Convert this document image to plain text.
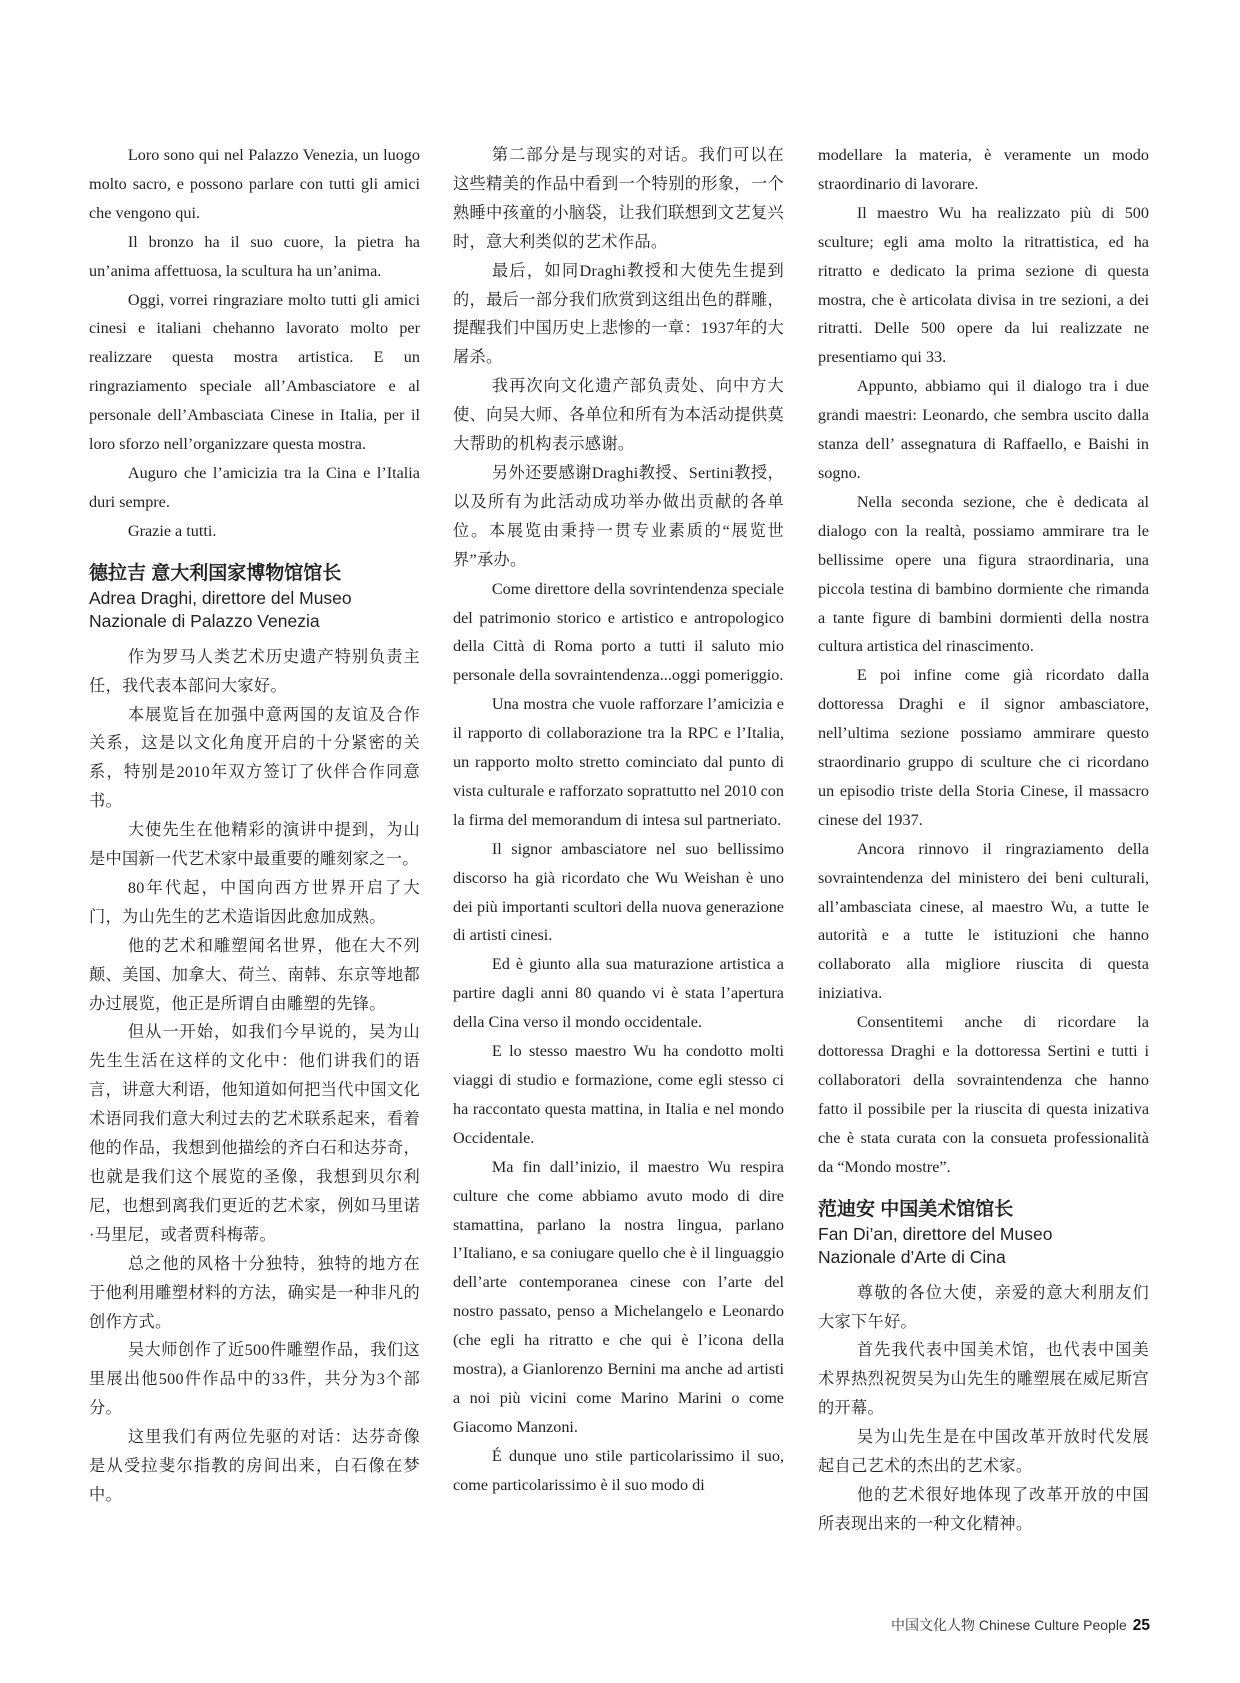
Loro sono qui nel Palazzo Venezia, un luogo molto sacro, e possono parlare con tutti gli amici che vengono qui.

Il bronzo ha il suo cuore, la pietra ha un’anima affettuosa, la scultura ha un’anima.

Oggi, vorrei ringraziare molto tutti gli amici cinesi e italiani chehanno lavorato molto per realizzare questa mostra artistica. E un ringraziamento speciale all’Ambasciatore e al personale dell’Ambasciata Cinese in Italia, per il loro sforzo nell’organizzare questa mostra.

Auguro che l’amicizia tra la Cina e l’Italia duri sempre.

Grazie a tutti.

德拉吉 意大利国家博物馆馆长
Adrea Draghi, direttore del Museo
Nazionale di Palazzo Venezia

作为罗马人类艺术历史遗产特别负责主任，我代表本部问大家好。

本展览旨在加强中意两国的友谊及合作关系，这是以文化角度开启的十分紧密的关系，特别是2010年双方签订了伙伴合作同意书。

大使先生在他精彩的演讲中提到，为山是中国新一代艺术家中最重要的雕刻家之一。

80年代起，中国向西方世界开启了大门，为山先生的艺术造诣因此愈加成熟。

他的艺术和雕塑闻名世界，他在大不列颠、美国、加拿大、荷兰、南韩、东京等地都办过展览，他正是所谓自由雕塑的先锋。

但从一开始，如我们今早说的，吴为山先生生活在这样的文化中：他们讲我们的语言，讲意大利语，他知道如何把当代中国文化术语同我们意大利过去的艺术联系起来，看着他的作品，我想到他描绘的齐白石和达芬奇，也就是我们这个展览的圣像，我想到贝尔利尼，也想到离我们更近的艺术家，例如马里诺·马里尼，或者贾科梅蒂。

总之他的风格十分独特，独特的地方在于他利用雕塑材料的方法，确实是一种非凡的创作方式。

吴大师创作了近500件雕塑作品，我们这里展出他500件作品中的33件，共分为3个部分。

这里我们有两位先驱的对话：达芬奇像是从受拉斐尔指教的房间出来，白石像在梦中。

第二部分是与现实的对话。我们可以在这些精美的作品中看到一个特别的形象，一个熟睡中孩童的小脑袋，让我们联想到文艺复兴时，意大利类似的艺术作品。

最后，如同Draghi教授和大使先生提到的，最后一部分我们欣赏到这组出色的群雕，提醒我们中国历史上悲惨的一章：1937年的大屠杀。

我再次向文化遗产部负责处、向中方大使、向吴大师、各单位和所有为本活动提供莫大帮助的机构表示感谢。

另外还要感谢Draghi教授、Sertini教授，以及所有为此活动成功举办做出贡献的各单位。本展览由秉持一贯专业素质的“展览世界”承办。

Come direttore della sovrintendenza speciale del patrimonio storico e artistico e antropologico della Città di Roma porto a tutti il saluto mio personale della sovraintendenza...oggi pomeriggio.

Una mostra che vuole rafforzare l’amicizia e il rapporto di collaborazione tra la RPC e l’Italia, un rapporto molto stretto cominciato dal punto di vista culturale e rafforzato soprattutto nel 2010 con la firma del memorandum di intesa sul partneriato.

Il signor ambasciatore nel suo bellissimo discorso ha già ricordato che Wu Weishan è uno dei più importanti scultori della nuova generazione di artisti cinesi.

Ed è giunto alla sua maturazione artistica a partire dagli anni 80 quando vi è stata l’apertura della Cina verso il mondo occidentale.

E lo stesso maestro Wu ha condotto molti viaggi di studio e formazione, come egli stesso ci ha raccontato questa mattina, in Italia e nel mondo Occidentale.

Ma fin dall’inizio, il maestro Wu respira culture che come abbiamo avuto modo di dire stamattina, parlano la nostra lingua, parlano l’Italiano, e sa coniugare quello che è il linguaggio dell’arte contemporanea cinese con l’arte del nostro passato, penso a Michelangelo e Leonardo (che egli ha ritratto e che qui è l’icona della mostra), a Gianlorenzo Bernini ma anche ad artisti a noi più vicini come Marino Marini o come Giacomo Manzoni.

É dunque uno stile particolarissimo il suo, come particolarissimo è il suo modo di

modellare la materia, è veramente un modo straordinario di lavorare.

Il maestro Wu ha realizzato più di 500 sculture; egli ama molto la ritrattistica, ed ha ritratto e dedicato la prima sezione di questa mostra, che è articolata divisa in tre sezioni, a dei ritratti. Delle 500 opere da lui realizzate ne presentiamo qui 33.

Appunto, abbiamo qui il dialogo tra i due grandi maestri: Leonardo, che sembra uscito dalla stanza dell’ assegnatura di Raffaello, e Baishi in sogno.

Nella seconda sezione, che è dedicata al dialogo con la realtà, possiamo ammirare tra le bellissime opere una figura straordinaria, una piccola testina di bambino dormiente che rimanda a tante figure di bambini dormienti della nostra cultura artistica del rinascimento.

E poi infine come già ricordato dalla dottoressa Draghi e il signor ambasciatore, nell’ultima sezione possiamo ammirare questo straordinario gruppo di sculture che ci ricordano un episodio triste della Storia Cinese, il massacro cinese del 1937.

Ancora rinnovo il ringraziamento della sovraintendenza del ministero dei beni culturali, all’ambasciata cinese, al maestro Wu, a tutte le autorità e a tutte le istituzioni che hanno collaborato alla migliore riuscita di questa iniziativa.

Consentitemi anche di ricordare la dottoressa Draghi e la dottoressa Sertini e tutti i collaboratori della sovraintendenza che hanno fatto il possibile per la riuscita di questa inizativa che è stata curata con la consueta professionalità da “Mondo mostre”.

范迪安 中国美术馆馆长
Fan Di’an, direttore del Museo
Nazionale d’Arte di Cina

尊敬的各位大使，亲爱的意大利朋友们大家下午好。

首先我代表中国美术馆，也代表中国美术界热烈祝贺吴为山先生的雕塑展在威尼斯宫的开幕。

吴为山先生是在中国改革开放时代发展起自己艺术的杰出的艺术家。

他的艺术很好地体现了改革开放的中国所表现出来的一种文化精神。

中国文化人物 Chinese Culture People 25
